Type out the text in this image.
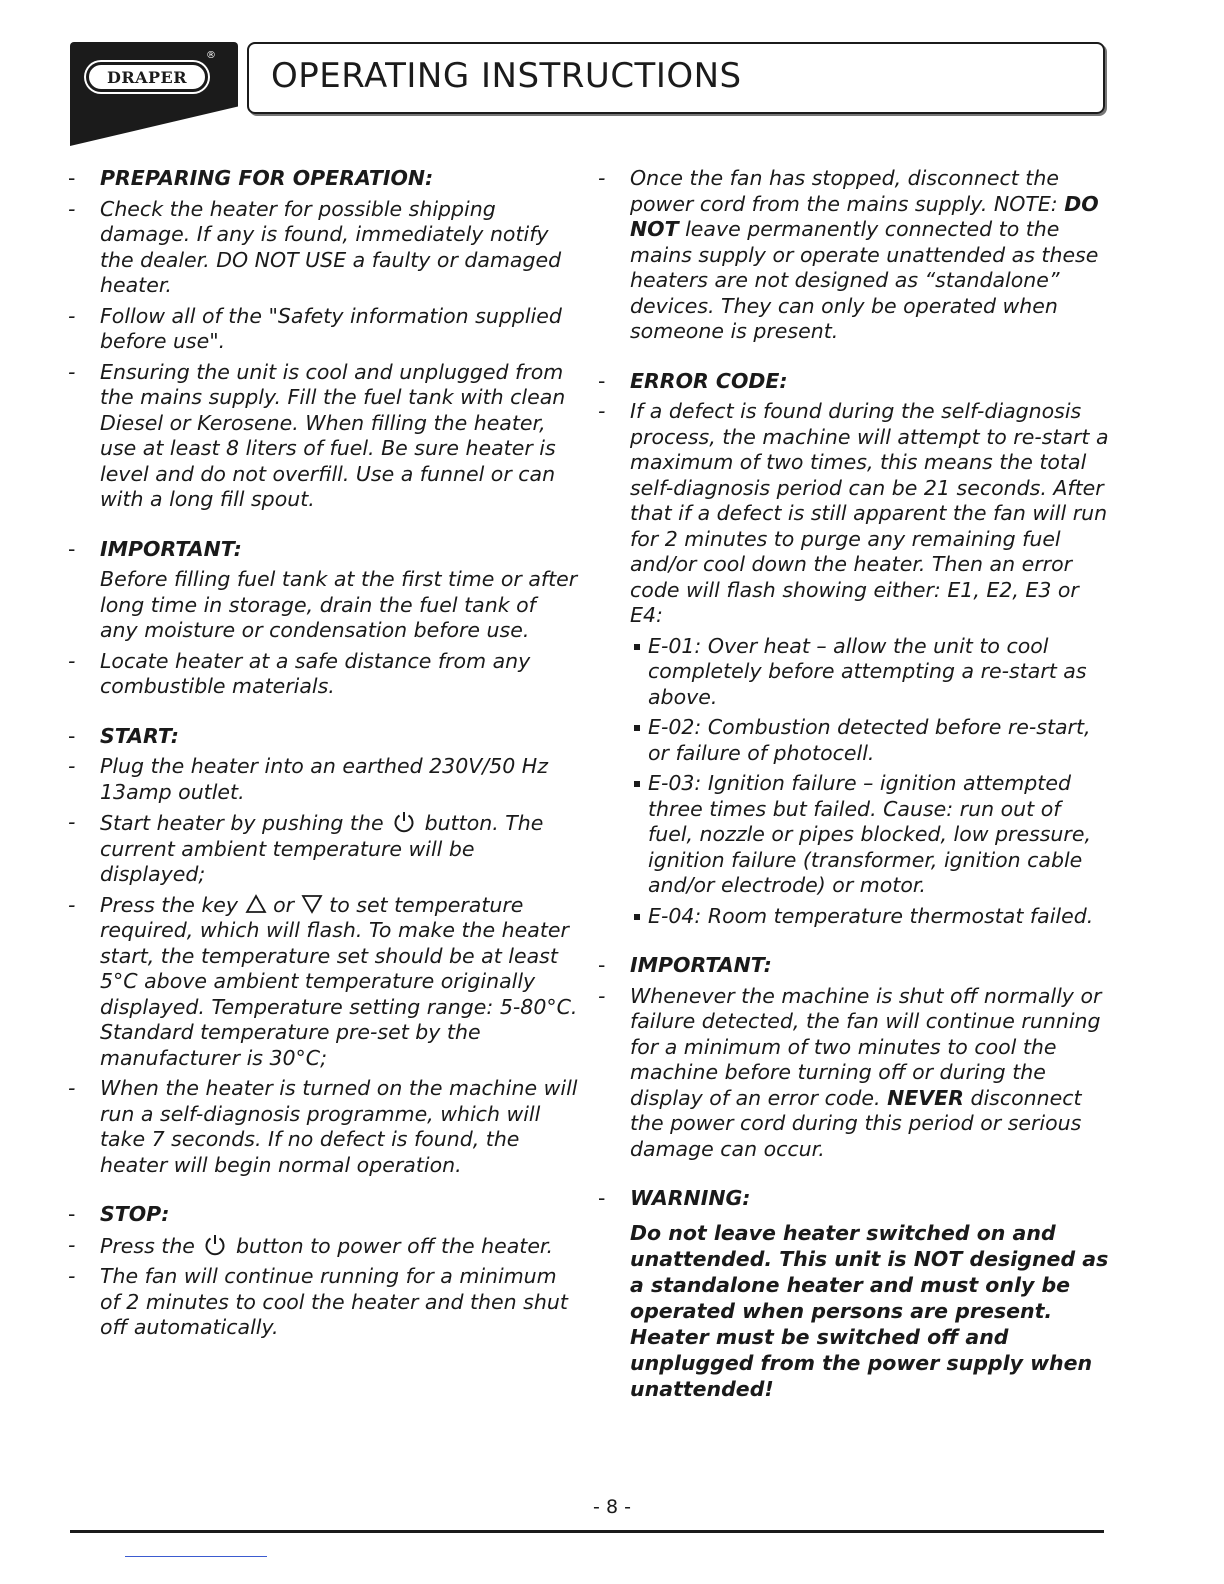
DRAPER
®
OPERATING INSTRUCTIONS
-	PREPARING FOR OPERATION:
-	Check the heater for possible shipping damage. If any is found, immediately notify the dealer. DO NOT USE a faulty or damaged heater.
-	Follow all of the "Safety information supplied before use".
-	Ensuring the unit is cool and unplugged from the mains supply. Fill the fuel tank with clean Diesel or Kerosene. When filling the heater, use at least 8 liters of fuel. Be sure heater is level and do not overfill. Use a funnel or can with a long fill spout.
-	IMPORTANT:
Before filling fuel tank at the first time or after long time in storage, drain the fuel tank of any moisture or condensation before use.
-	Locate heater at a safe distance from any combustible materials.
-	START:
-	Plug the heater into an earthed 230V/50 Hz 13amp outlet.
-	Start heater by pushing the button. The current ambient temperature will be displayed;
-	Press the key or to set temperature required, which will flash. To make the heater start, the temperature set should be at least 5°C above ambient temperature originally displayed. Temperature setting range: 5-80°C. Standard temperature pre-set by the manufacturer is 30°C;
-	When the heater is turned on the machine will run a self-diagnosis programme, which will take 7 seconds. If no defect is found, the heater will begin normal operation.
-	STOP:
-	Press the button to power off the heater.
-	The fan will continue running for a minimum of 2 minutes to cool the heater and then shut off automatically.
-	Once the fan has stopped, disconnect the power cord from the mains supply. NOTE: DO NOT leave permanently connected to the mains supply or operate unattended as these heaters are not designed as “standalone” devices. They can only be operated when someone is present.
-	ERROR CODE:
-	If a defect is found during the self-diagnosis process, the machine will attempt to re-start a maximum of two times, this means the total self-diagnosis period can be 21 seconds. After that if a defect is still apparent the fan will run for 2 minutes to purge any remaining fuel and/or cool down the heater. Then an error code will flash showing either: E1, E2, E3 or E4:
E-01: Over heat – allow the unit to cool completely before attempting a re-start as above.
E-02: Combustion detected before re-start, or failure of photocell.
E-03: Ignition failure – ignition attempted three times but failed. Cause: run out of fuel, nozzle or pipes blocked, low pressure, ignition failure (transformer, ignition cable and/or electrode) or motor.
E-04: Room temperature thermostat failed.
-	IMPORTANT:
-	Whenever the machine is shut off normally or failure detected, the fan will continue running for a minimum of two minutes to cool the machine before turning off or during the display of an error code. NEVER disconnect the power cord during this period or serious damage can occur.
-	WARNING:
Do not leave heater switched on and unattended. This unit is NOT designed as a standalone heater and must only be operated when persons are present. Heater must be switched off and unplugged from the power supply when unattended!
- 8 -
